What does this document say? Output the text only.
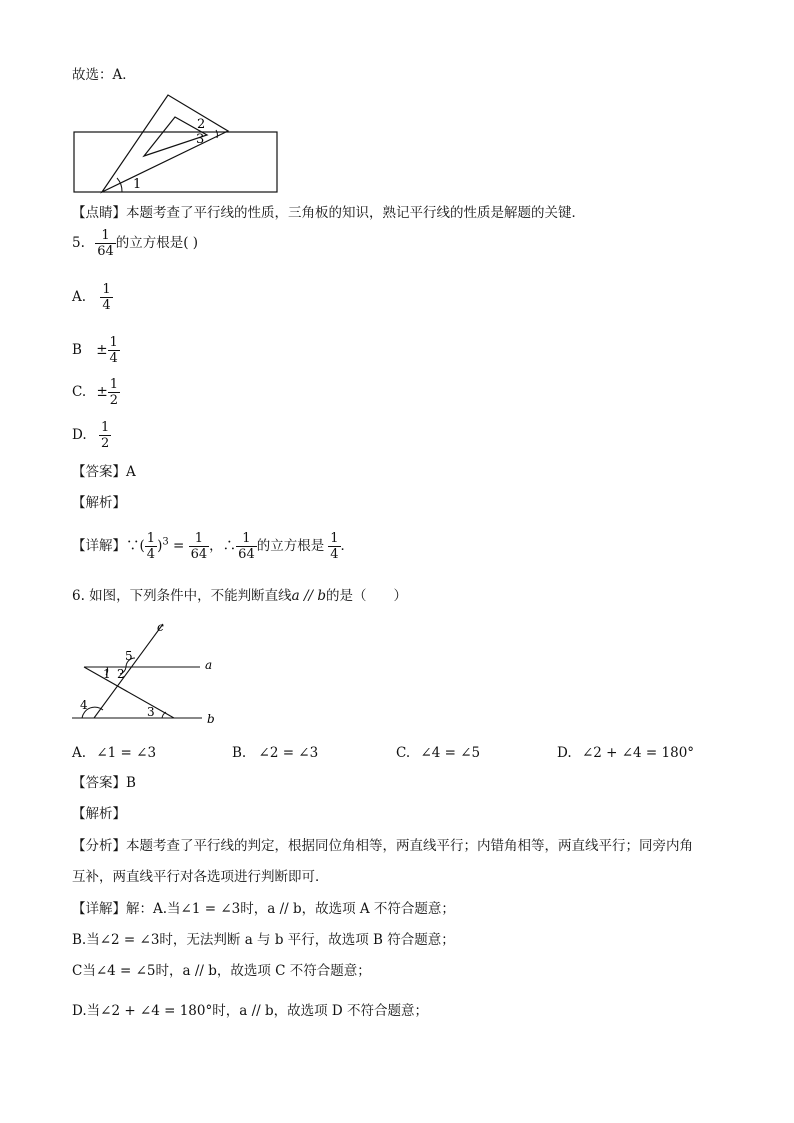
故选：A．
2
3
1
【点睛】本题考查了平行线的性质，三角板的知识，熟记平行线的性质是解题的关键．
5. $\frac{1}{64}$ 的立方根是( )
A. $\frac{1}{4}$
$B \pm \frac{1}{4}$
C. ± $\frac{1}{2}$
D. $\frac{1}{2}$
【答案】A
【解析】
【详解】∵( $\frac{1}{4} )^3 = \frac{1}{64}$ ，∴ $\frac{1}{64}$ 的立方根是 $\frac{1}{4}$ ．
6. 如图，下列条件中，不能判断直线a // b的是（　　）
c
5
a
1 2
4	3	b
A. ∠1 = ∠3	B. ∠2 = ∠3	C. ∠4 = ∠5	D. ∠2 + ∠4 = 180°
【答案】B
【解析】
【分析】本题考查了平行线的判定，根据同位角相等，两直线平行；内错角相等，两直线平行；同旁内角
互补，两直线平行对各选项进行判断即可．
【详解】解：A.当∠1 = ∠3时，a // b，故选项 A 不符合题意；
B.当∠2 = ∠3时，无法判断 a 与 b 平行，故选项 B 符合题意；
C当∠4 = ∠5时，a // b，故选项 C 不符合题意；
D.当∠2 + ∠4 = 180°时，a // b，故选项 D 不符合题意；
